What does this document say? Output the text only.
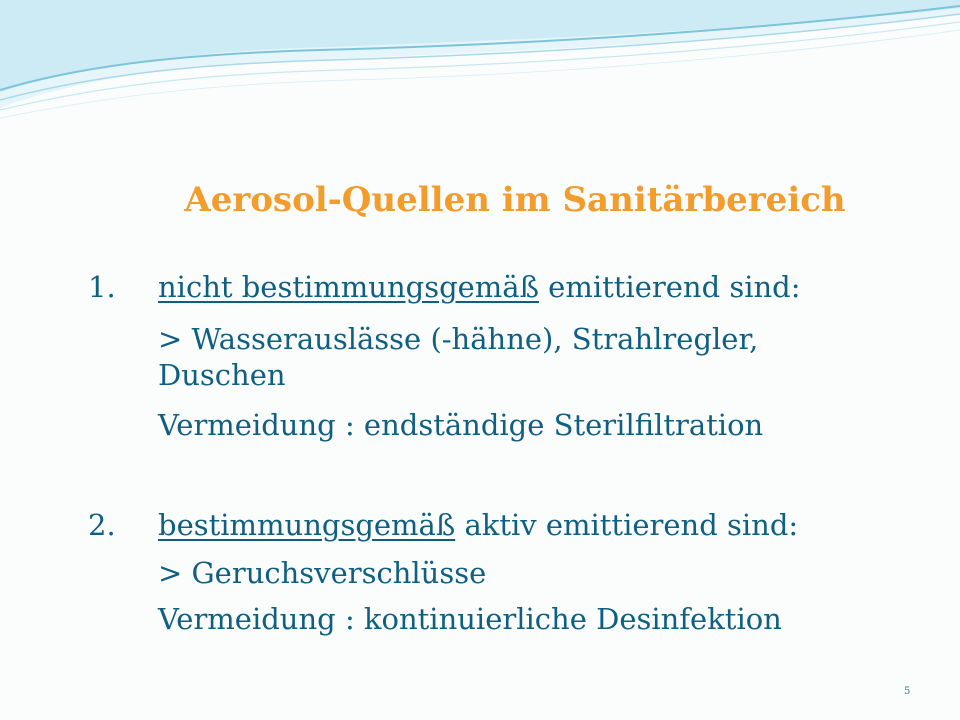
Aerosol-Quellen im Sanitärbereich
1. nicht bestimmungsgemäß emittierend sind:
> Wasserauslässe (-hähne), Strahlregler,
Duschen
Vermeidung : endständige Sterilfiltration
2. bestimmungsgemäß aktiv emittierend sind:
> Geruchsverschlüsse
Vermeidung : kontinuierliche Desinfektion
5
